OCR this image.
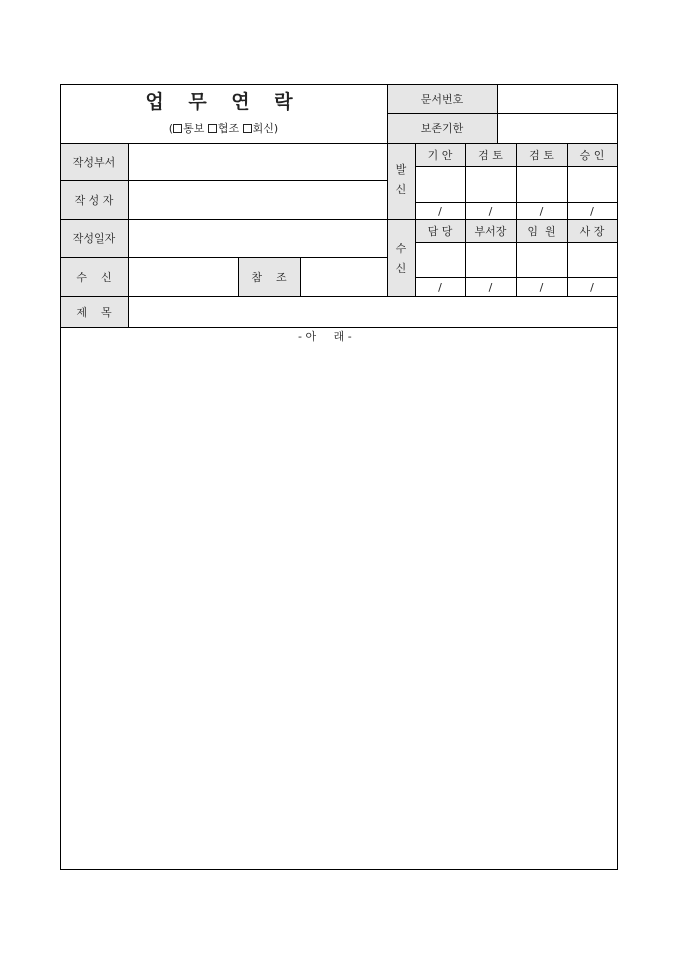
업 무 연 락
( 통보
	협조
	회신 )
문서번호
보존기한
작성부서
작 성 자
작성일자
수    신	참    조
제    목
발
신
기 안	검 토	검 토	승 인
/	/	/	/
수
신
담 당	부서장	임  원	사 장
/	/	/	/
- 아     래 -
